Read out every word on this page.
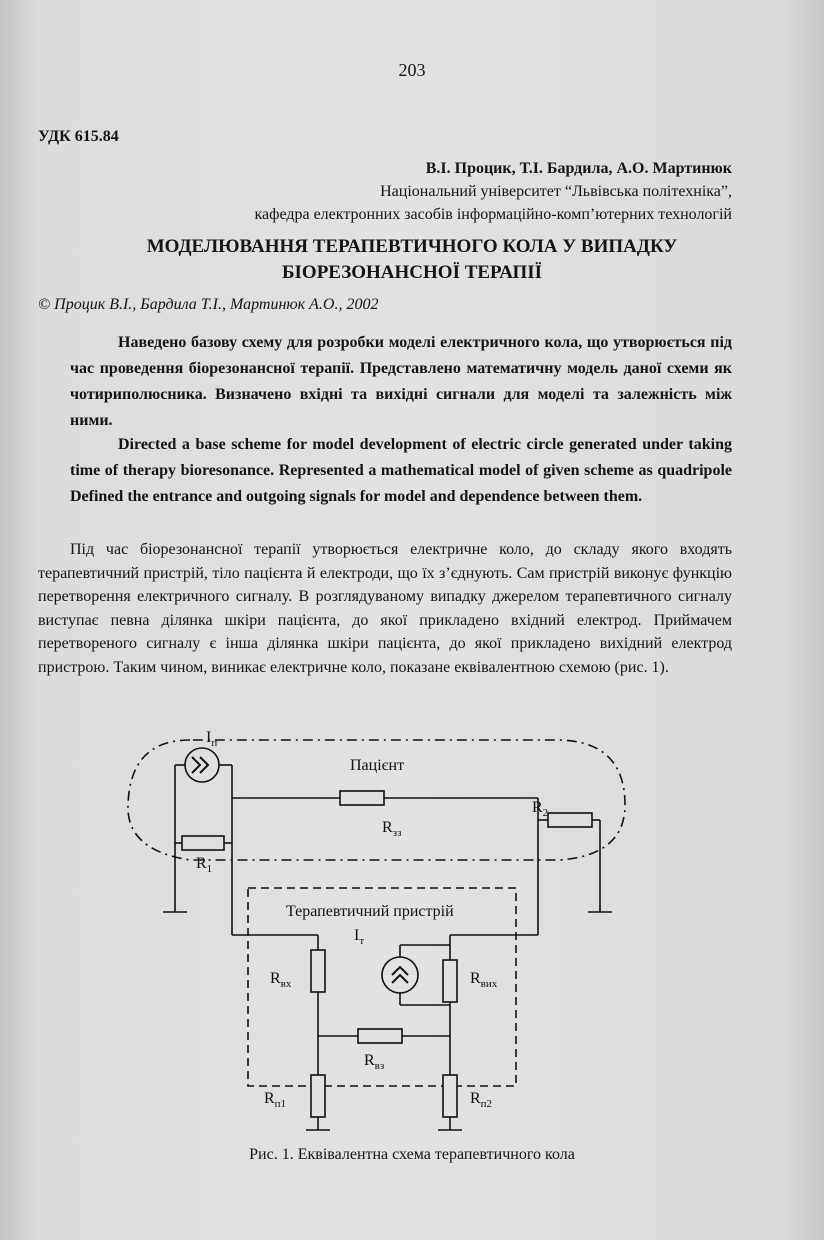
203
УДК 615.84
В.І. Процик, Т.І. Бардила, А.О. Мартинюк
Національний університет “Львівська політехніка”,
кафедра електронних засобів інформаційно-комп’ютерних технологій
МОДЕЛЮВАННЯ ТЕРАПЕВТИЧНОГО КОЛА У ВИПАДКУ
БІОРЕЗОНАНСНОЇ ТЕРАПІЇ
© Процик В.І., Бардила Т.І., Мартинюк А.О., 2002
Наведено базову схему для розробки моделі електричного кола, що утворюється під час проведення біорезонансної терапії. Представлено математичну модель даної схеми як чотириполюсника. Визначено вхідні та вихідні сигнали для моделі та залежність між ними.
Directed a base scheme for model development of electric circle generated under taking time of therapy bioresonance. Represented a mathematical model of given scheme as quadripole Defined the entrance and outgoing signals for model and dependence between them.
Під час біорезонансної терапії утворюється електричне коло, до складу якого входять терапевтичний пристрій, тіло пацієнта й електроди, що їх з’єднують. Сам пристрій виконує функцію перетворення електричного сигналу. В розглядуваному випадку джерелом терапевтичного сигналу виступає певна ділянка шкіри пацієнта, до якої прикладено вхідний електрод. Приймачем перетвореного сигналу є інша ділянка шкіри пацієнта, до якої прикладено вихідний електрод пристрою. Таким чином, виникає електричне коло, показане еквівалентною схемою (рис. 1).
$I_п$
Пацієнт
$R_2$
$R_{зз}$
$R_1$
Терапевтичний пристрій
$I_т$
$R_{вх}$	$R_{вих}$
$R_{вз}$
$R_{п1}$	$R_{п2}$
Рис. 1. Еквівалентна схема терапевтичного кола
